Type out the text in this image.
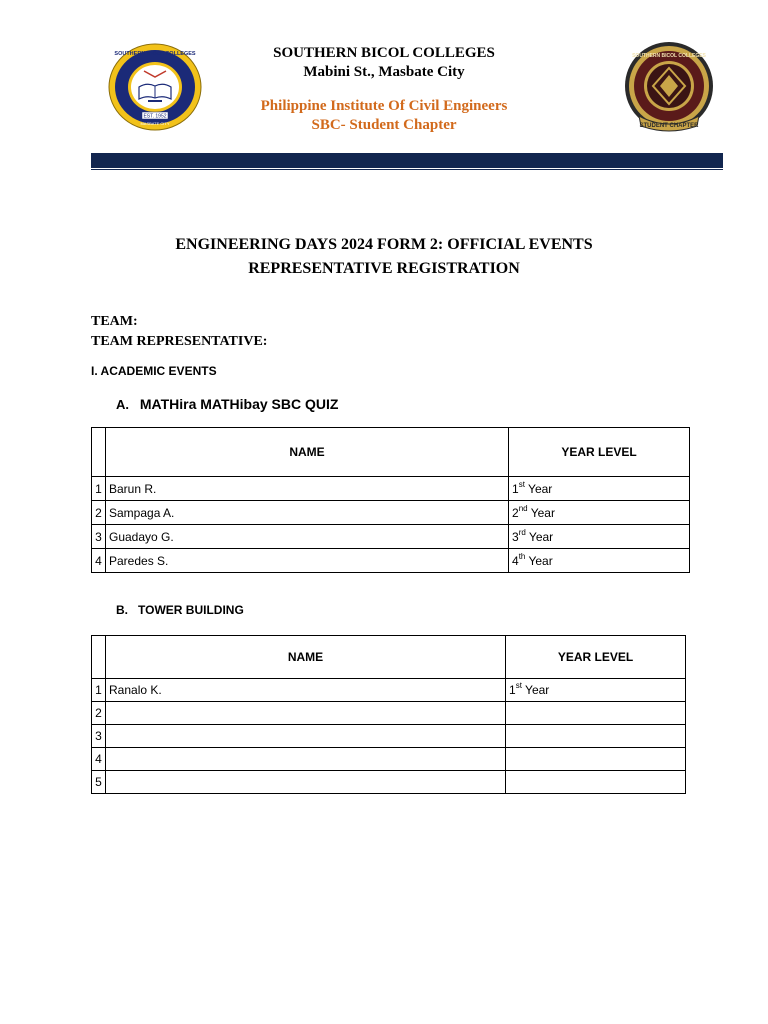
SOUTHERN BICOL COLLEGES
EST. 1952
MASBATE CITY
SOUTHERN BICOL COLLEGES
STUDENT CHAPTER
SOUTHERN BICOL COLLEGES
Mabini St., Masbate City
Philippine Institute Of Civil Engineers
SBC- Student Chapter
ENGINEERING DAYS 2024 FORM 2: OFFICIAL EVENTS
REPRESENTATIVE REGISTRATION
TEAM:
TEAM REPRESENTATIVE:
I. ACADEMIC EVENTS
A. MATHira MATHibay SBC QUIZ
	NAME	YEAR LEVEL
1	Barun R.	1st Year
2	Sampaga A.	2nd Year
3	Guadayo G.	3rd Year
4	Paredes S.	4th Year
B. TOWER BUILDING
	NAME	YEAR LEVEL
1	Ranalo K.	1st Year
2		
3		
4		
5		
